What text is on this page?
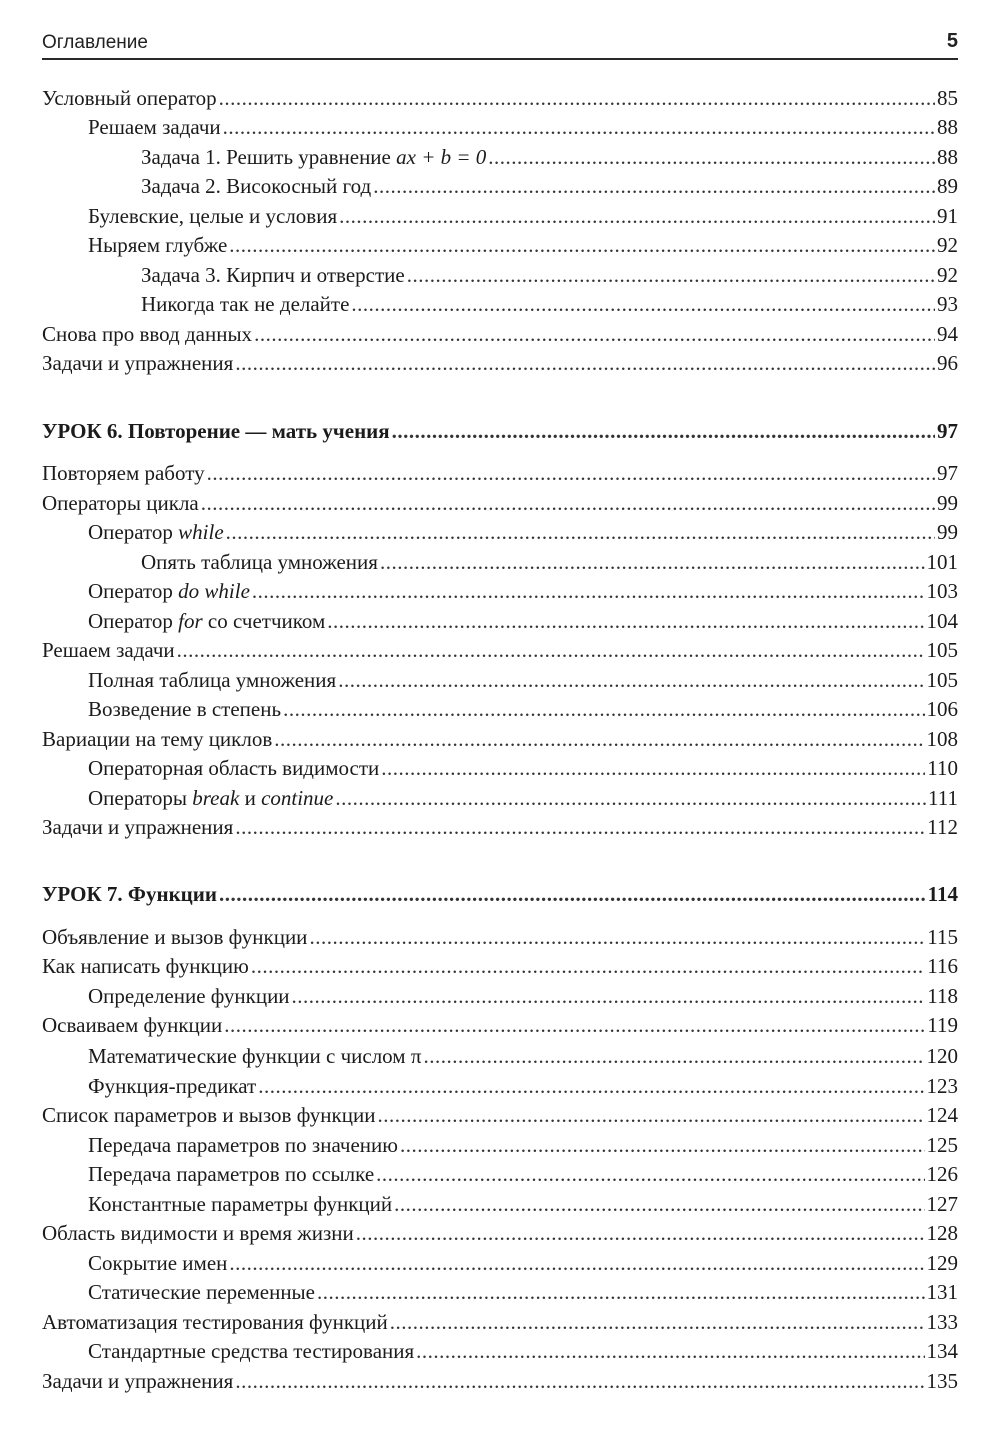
Оглавление	5
Условный оператор .....	85
Решаем задачи .....	88
Задача 1. Решить уравнение ax + b = 0 .....	88
Задача 2. Високосный год .....	89
Булевские, целые и условия .....	91
Ныряем глубже .....	92
Задача 3. Кирпич и отверстие .....	92
Никогда так не делайте .....	93
Снова про ввод данных .....	94
Задачи и упражнения .....	96
УРОК 6. Повторение — мать учения .....	97
Повторяем работу .....	97
Операторы цикла .....	99
Оператор while .....	99
Опять таблица умножения .....	101
Оператор do while .....	103
Оператор for со счетчиком .....	104
Решаем задачи .....	105
Полная таблица умножения .....	105
Возведение в степень .....	106
Вариации на тему циклов .....	108
Операторная область видимости .....	110
Операторы break и continue .....	111
Задачи и упражнения .....	112
УРОК 7. Функции .....	114
Объявление и вызов функции .....	115
Как написать функцию .....	116
Определение функции .....	118
Осваиваем функции .....	119
Математические функции с числом π .....	120
Функция-предикат .....	123
Список параметров и вызов функции .....	124
Передача параметров по значению .....	125
Передача параметров по ссылке .....	126
Константные параметры функций .....	127
Область видимости и время жизни .....	128
Сокрытие имен .....	129
Статические переменные .....	131
Автоматизация тестирования функций .....	133
Стандартные средства тестирования .....	134
Задачи и упражнения .....	135
